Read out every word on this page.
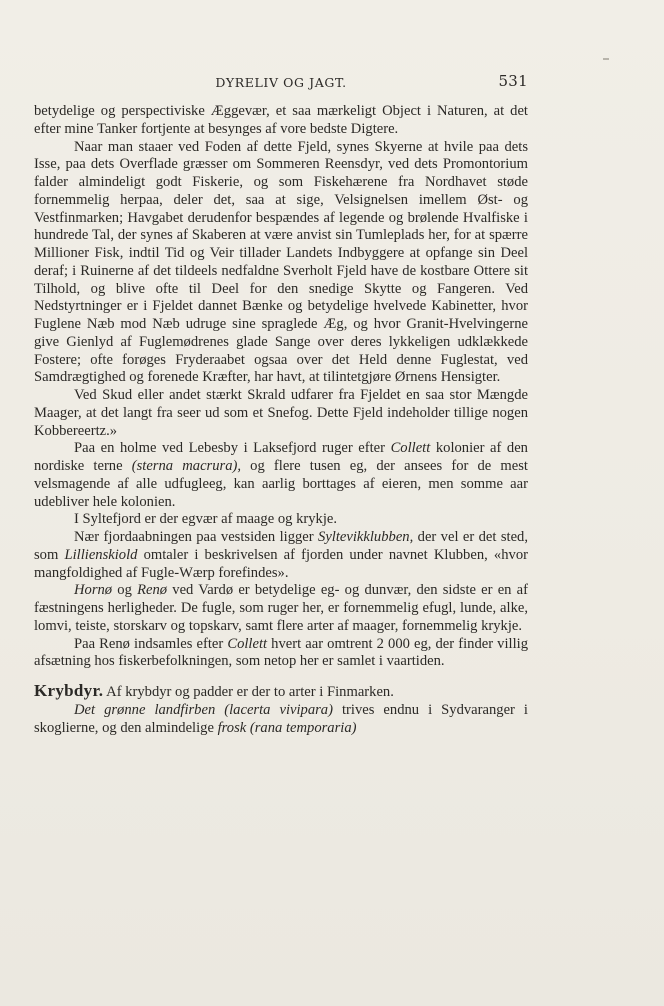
DYRELIV OG JAGT.	531

betydelige og perspectiviske Æggevær, et saa mærkeligt Object i Naturen, at det efter mine Tanker fortjente at besynges af vore bedste Digtere.

Naar man staaer ved Foden af dette Fjeld, synes Skyerne at hvile paa dets Isse, paa dets Overflade græsser om Sommeren Reensdyr, ved dets Promontorium falder almindeligt godt Fiskerie, og som Fiskehærene fra Nordhavet støde fornemmelig herpaa, deler det, saa at sige, Velsignelsen imellem Øst- og Vestfinmarken; Havgabet derudenfor bespændes af legende og brølende Hvalfiske i hundrede Tal, der synes af Skaberen at være anvist sin Tumleplads her, for at spærre Millioner Fisk, indtil Tid og Veir tillader Landets Indbyggere at opfange sin Deel deraf; i Ruinerne af det tildeels nedfaldne Sverholt Fjeld have de kostbare Ottere sit Tilhold, og blive ofte til Deel for den snedige Skytte og Fangeren. Ved Nedstyrtninger er i Fjeldet dannet Bænke og betydelige hvelvede Kabinetter, hvor Fuglene Næb mod Næb udruge sine spraglede Æg, og hvor Granit-Hvelvingerne give Gienlyd af Fuglemødrenes glade Sange over deres lykkeligen udklækkede Fostere; ofte forøges Fryderaabet ogsaa over det Held denne Fuglestat, ved Samdrægtighed og forenede Kræfter, har havt, at tilintetgjøre Ørnens Hensigter.

Ved Skud eller andet stærkt Skrald udfarer fra Fjeldet en saa stor Mængde Maager, at det langt fra seer ud som et Snefog. Dette Fjeld indeholder tillige nogen Kobbereertz.»

Paa en holme ved Lebesby i Laksefjord ruger efter Collett kolonier af den nordiske terne (sterna macrura), og flere tusen eg, der ansees for de mest velsmagende af alle udfugleeg, kan aarlig borttages af eieren, men somme aar udebliver hele kolonien.

I Syltefjord er der egvær af maage og krykje.

Nær fjordaabningen paa vestsiden ligger Syltevikklubben, der vel er det sted, som Lillienskiold omtaler i beskrivelsen af fjorden under navnet Klubben, «hvor mangfoldighed af Fugle-Wærp forefindes».

Hornø og Renø ved Vardø er betydelige eg- og dunvær, den sidste er en af fæstningens herligheder. De fugle, som ruger her, er fornemmelig efugl, lunde, alke, lomvi, teiste, storskarv og topskarv, samt flere arter af maager, fornemmelig krykje.

Paa Renø indsamles efter Collett hvert aar omtrent 2 000 eg, der finder villig afsætning hos fiskerbefolkningen, som netop her er samlet i vaartiden.

Krybdyr. Af krybdyr og padder er der to arter i Finmarken.

Det grønne landfirben (lacerta vivipara) trives endnu i Sydvaranger i skoglierne, og den almindelige frosk (rana temporaria)
